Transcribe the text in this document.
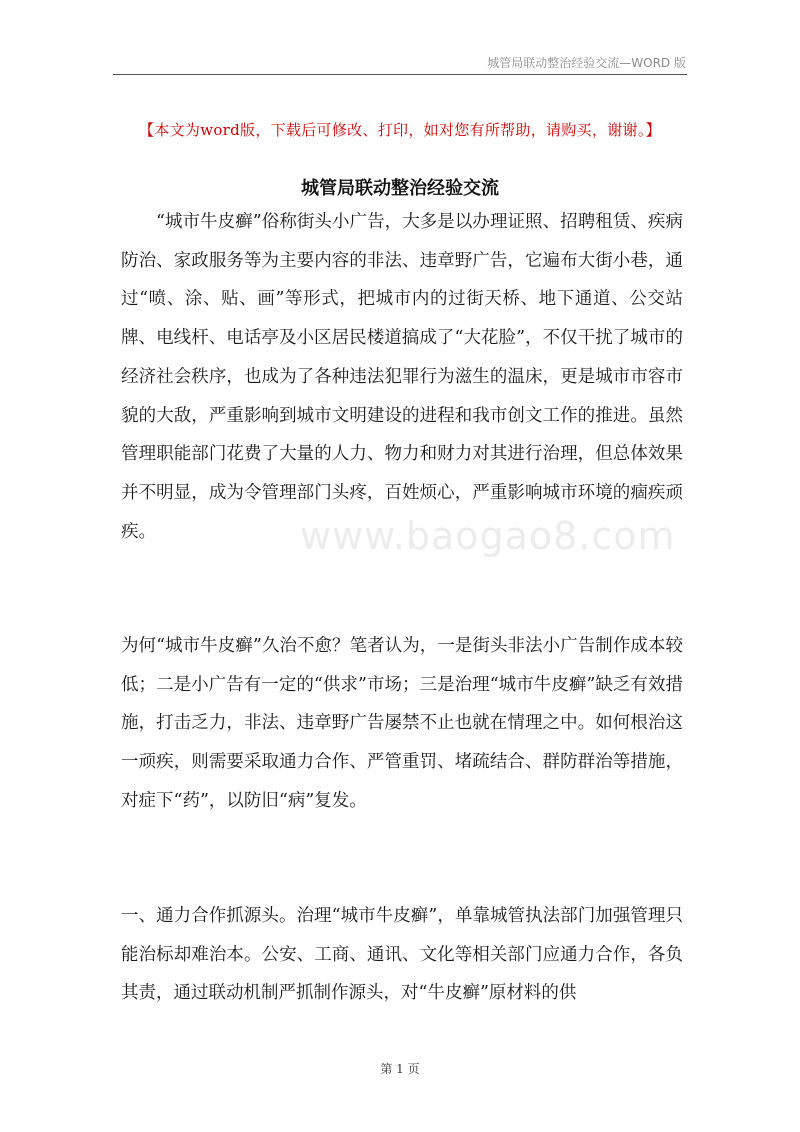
城管局联动整治经验交流—WORD 版
【本文为word版，下载后可修改、打印，如对您有所帮助，请购买，谢谢。】
城管局联动整治经验交流

“城市牛皮癣”俗称街头小广告，大多是以办理证照、招聘租赁、疾病防治、家政服务等为主要内容的非法、违章野广告，它遍布大街小巷，通过“喷、涂、贴、画”等形式，把城市内的过街天桥、地下通道、公交站牌、电线杆、电话亭及小区居民楼道搞成了“大花脸”，不仅干扰了城市的经济社会秩序，也成为了各种违法犯罪行为滋生的温床，更是城市市容市貌的大敌，严重影响到城市文明建设的进程和我市创文工作的推进。虽然管理职能部门花费了大量的人力、物力和财力对其进行治理，但总体效果并不明显，成为令管理部门头疼，百姓烦心，严重影响城市环境的痼疾顽疾。

为何“城市牛皮癣”久治不愈？笔者认为，一是街头非法小广告制作成本较低；二是小广告有一定的“供求”市场；三是治理“城市牛皮癣”缺乏有效措施，打击乏力，非法、违章野广告屡禁不止也就在情理之中。如何根治这一顽疾，则需要采取通力合作、严管重罚、堵疏结合、群防群治等措施，对症下“药”，以防旧“病”复发。

一、通力合作抓源头。治理“城市牛皮癣”，单靠城管执法部门加强管理只能治标却难治本。公安、工商、通讯、文化等相关部门应通力合作，各负其责，通过联动机制严抓制作源头，对“牛皮癣”原材料的供

www.baogao8.com
第 1 页
